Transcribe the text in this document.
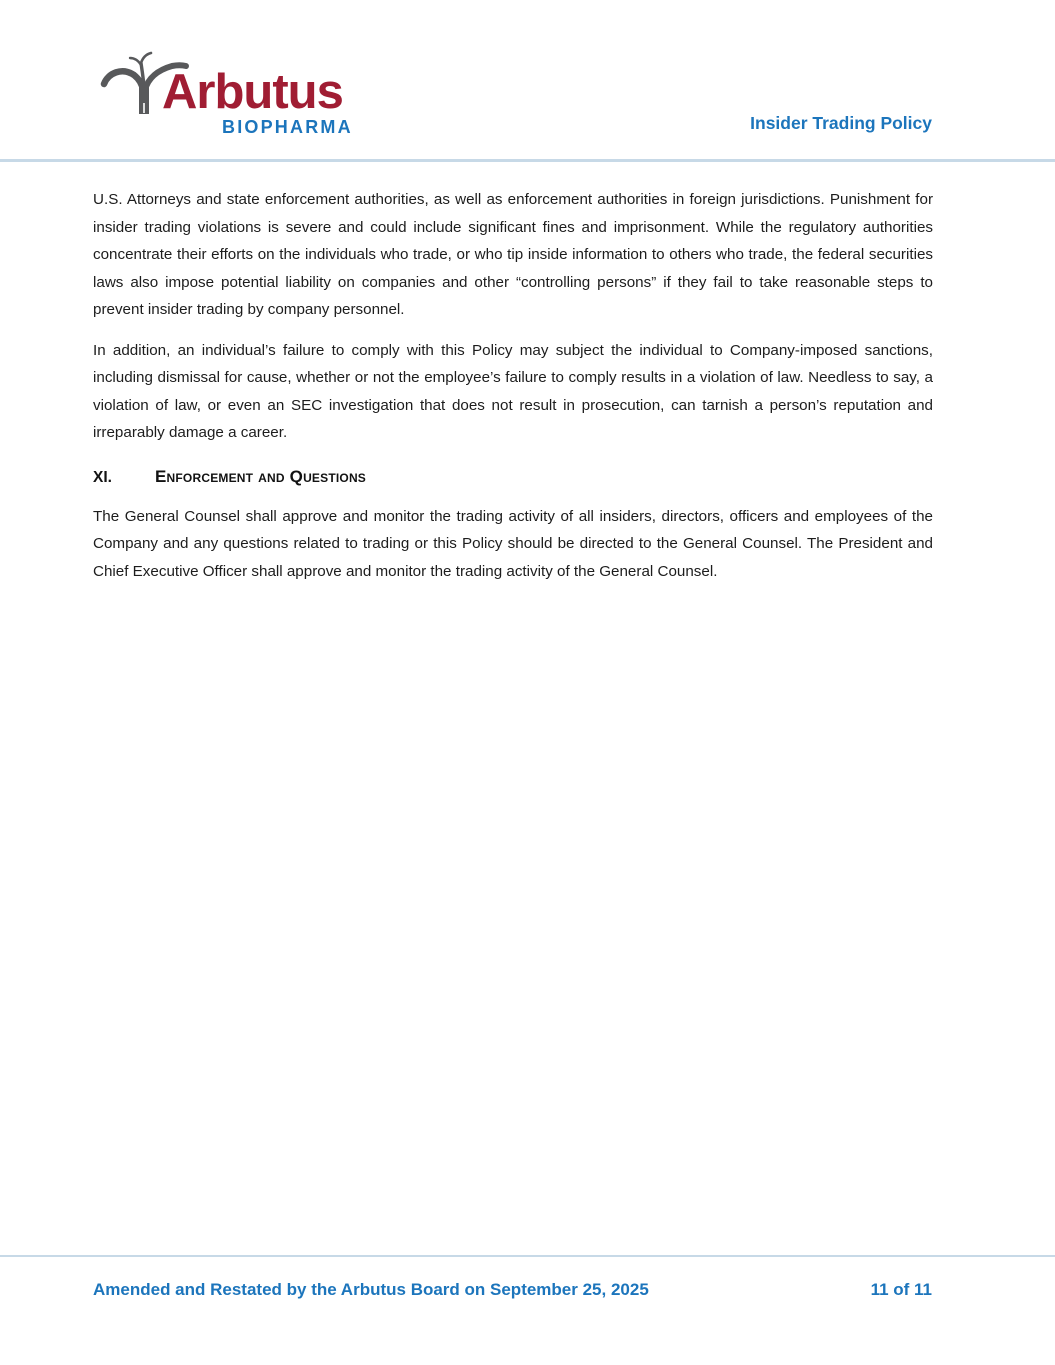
Arbutus
BIOPHARMA	Insider Trading Policy

U.S. Attorneys and state enforcement authorities, as well as enforcement authorities in foreign jurisdictions. Punishment for insider trading violations is severe and could include significant fines and imprisonment. While the regulatory authorities concentrate their efforts on the individuals who trade, or who tip inside information to others who trade, the federal securities laws also impose potential liability on companies and other “controlling persons” if they fail to take reasonable steps to prevent insider trading by company personnel.

In addition, an individual’s failure to comply with this Policy may subject the individual to Company-imposed sanctions, including dismissal for cause, whether or not the employee’s failure to comply results in a violation of law. Needless to say, a violation of law, or even an SEC investigation that does not result in prosecution, can tarnish a person’s reputation and irreparably damage a career.

XI.	Enforcement and Questions

The General Counsel shall approve and monitor the trading activity of all insiders, directors, officers and employees of the Company and any questions related to trading or this Policy should be directed to the General Counsel. The President and Chief Executive Officer shall approve and monitor the trading activity of the General Counsel.

Amended and Restated by the Arbutus Board on September 25, 2025	11 of 11
